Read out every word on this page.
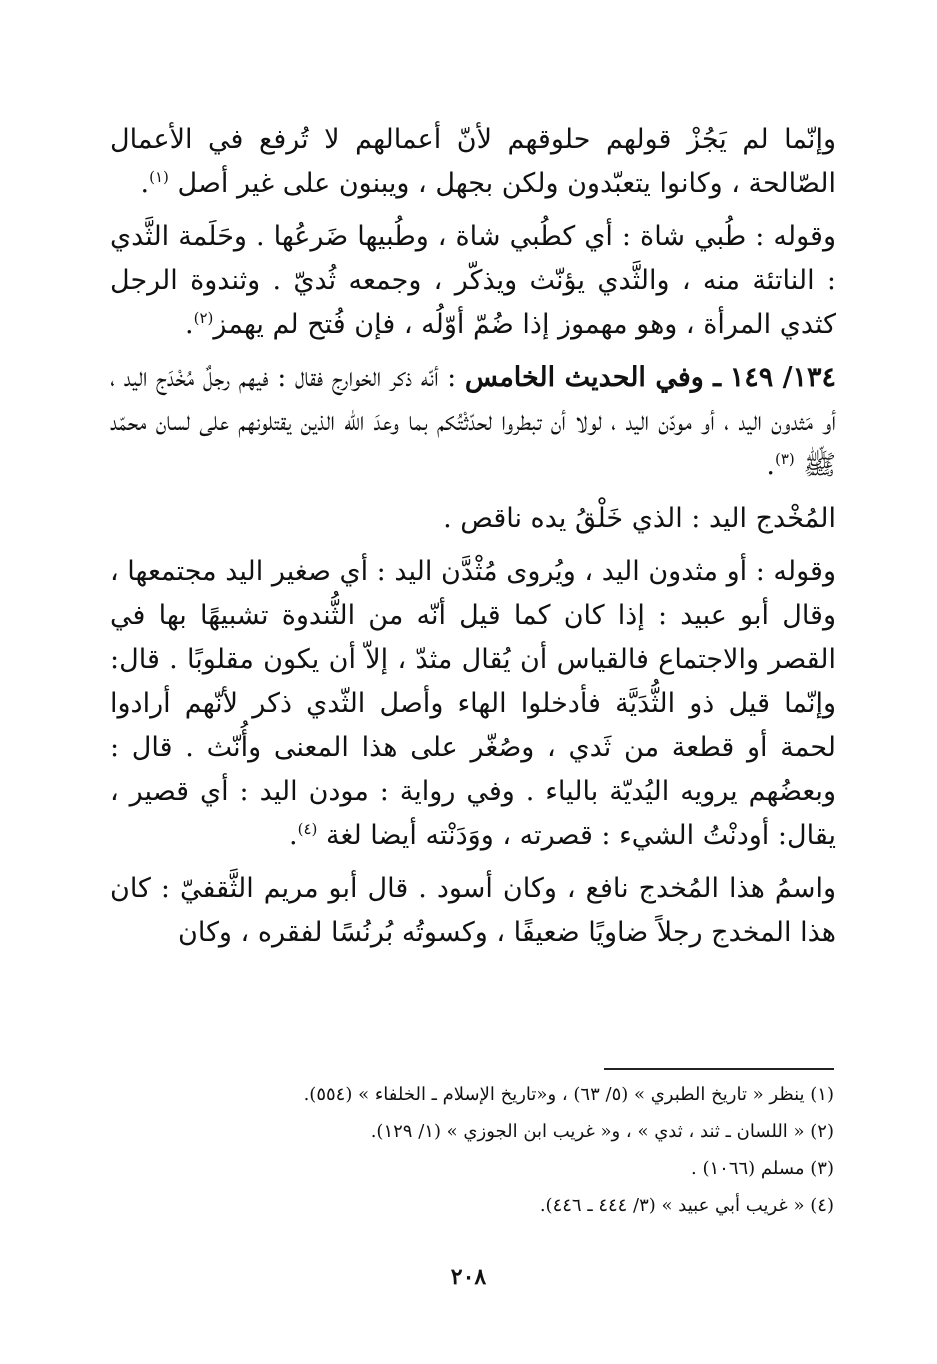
وإنّما لم يَجُزْ قولهم حلوقهم لأنّ أعمالهم لا تُرفع في الأعمال الصّالحة ، وكانوا يتعبّدون ولكن بجهل ، ويبنون على غير أصل $^{(١)}$.

وقوله : طُبي شاة : أي كطُبي شاة ، وطُبيها ضَرعُها . وحَلَمة الثَّدي : الناتئة منه ، والثَّدي يؤنّث ويذكّر ، وجمعه ثُديّ . وثندوة الرجل كثدي المرأة ، وهو مهموز إذا ضُمّ أوّلُه ، فإن فُتح لم يهمز$^{(٢)}$.

١٣٤/ ١٤٩ ـ وفي الحديث الخامس : أنّه ذكر الخوارج فقال : فيهم رجلٌ مُخْدَج اليد ، أو مَثدون اليد ، أو مودّن اليد ، لولا أن تبطروا لحدّثْتُكم بما وعدَ الله الذين يقتلونهم على لسان محمّد ﷺ $^{(٣)}$.

المُخْدج اليد : الذي خَلْقُ يده ناقص .

وقوله : أو مثدون اليد ، ويُروى مُثْدَّن اليد : أي صغير اليد مجتمعها ، وقال أبو عبيد : إذا كان كما قيل أنّه من الثُّندوة تشبيهًا بها في القصر والاجتماع فالقياس أن يُقال مثدّ ، إلاّ أن يكون مقلوبًا . قال: وإنّما قيل ذو الثُّدَيَّة فأدخلوا الهاء وأصل الثّدي ذكر لأنّهم أرادوا لحمة أو قطعة من ثَدي ، وصُغّر على هذا المعنى وأُنّث . قال : وبعضُهم يرويه اليُديّة بالياء . وفي رواية : مودن اليد : أي قصير ، يقال: أودنْتُ الشيء : قصرته ، ووَدَنْته أيضا لغة $^{(٤)}$.

واسمُ هذا المُخدج نافع ، وكان أسود . قال أبو مريم الثَّقفيّ : كان هذا المخدج رجلاً ضاويًا ضعيفًا ، وكسوتُه بُرنُسًا لفقره ، وكان

(١) ينظر « تاريخ الطبري » (٥/ ٦٣) ، و«تاريخ الإسلام ـ الخلفاء » (٥٥٤).

(٢) « اللسان ـ ثند ، ثدي » ، و« غريب ابن الجوزي » (١/ ١٢٩).

(٣) مسلم (١٠٦٦) .

(٤) « غريب أبي عبيد » (٣/ ٤٤٤ ـ ٤٤٦).

٢٠٨
